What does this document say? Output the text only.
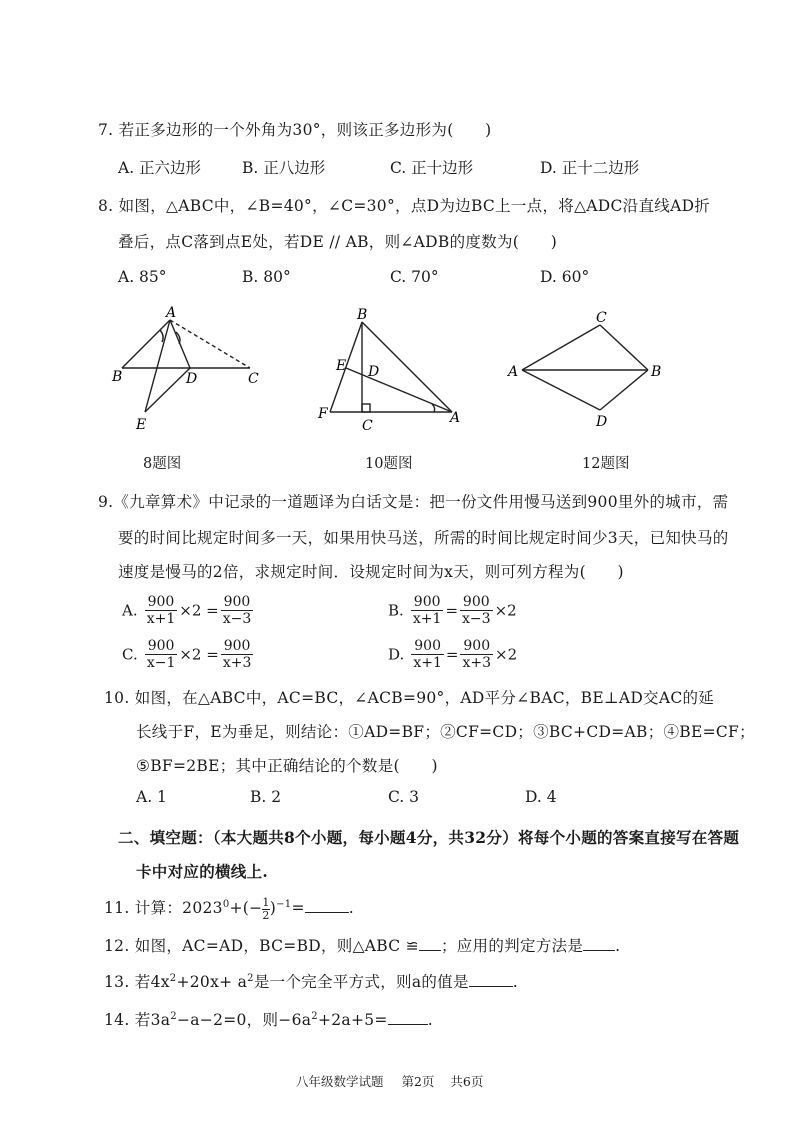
7. 若正多边形的一个外角为30°，则该正多边形为(　　)
A. 正六边形	B. 正八边形	C. 正十边形	D. 正十二边形
8. 如图，△ABC中，∠B=40°，∠C=30°，点D为边BC上一点，将△ADC沿直线AD折
叠后，点C落到点E处，若DE // AB，则∠ADB的度数为(　　)
A. 85°	B. 80°	C. 70°	D. 60°
A
B	C
D
E
B
E D
F
C	A
C
A	B
D
8题图	10题图	12题图
9.《九章算术》中记录的一道题译为白话文是：把一份文件用慢马送到900里外的城市，需
要的时间比规定时间多一天，如果用快马送，所需的时间比规定时间少3天，已知快马的
速度是慢马的2倍，求规定时间．设规定时间为x天，则可列方程为(　　)
A. $\frac{900}{x+1} \times 2 = \frac{900}{x-3}$	B. $\frac{900}{x+1} = \frac{900}{x-3} \times 2$
C. $\frac{900}{x-1} \times 2 = \frac{900}{x+3}$	D. $\frac{900}{x+1} = \frac{900}{x+3} \times 2$
10. 如图，在△ABC中，AC=BC，∠ACB=90°，AD平分∠BAC，BE⊥AD交AC的延
长线于F，E为垂足，则结论：①AD=BF；②CF=CD；③BC+CD=AB；④BE=CF；
⑤BF=2BE；其中正确结论的个数是(　　)
A. 1	B. 2	C. 3	D. 4
二、填空题：（本大题共8个小题，每小题4分，共32分）将每个小题的答案直接写在答题
卡中对应的横线上.
11. 计算：$2023^0+(- \frac{1}{2})^{-1}=$	.
12. 如图，AC=AD，BC=BD，则△ABC ≌ ；应用的判定方法是 .
13. 若$4x^2+20x+ a^2$是一个完全平方式，则a的值是	.
14. 若$3a^2-a-2=0$，则$-6a^2+2a+5=$	.
八年级数学试题 第2页 共6页
